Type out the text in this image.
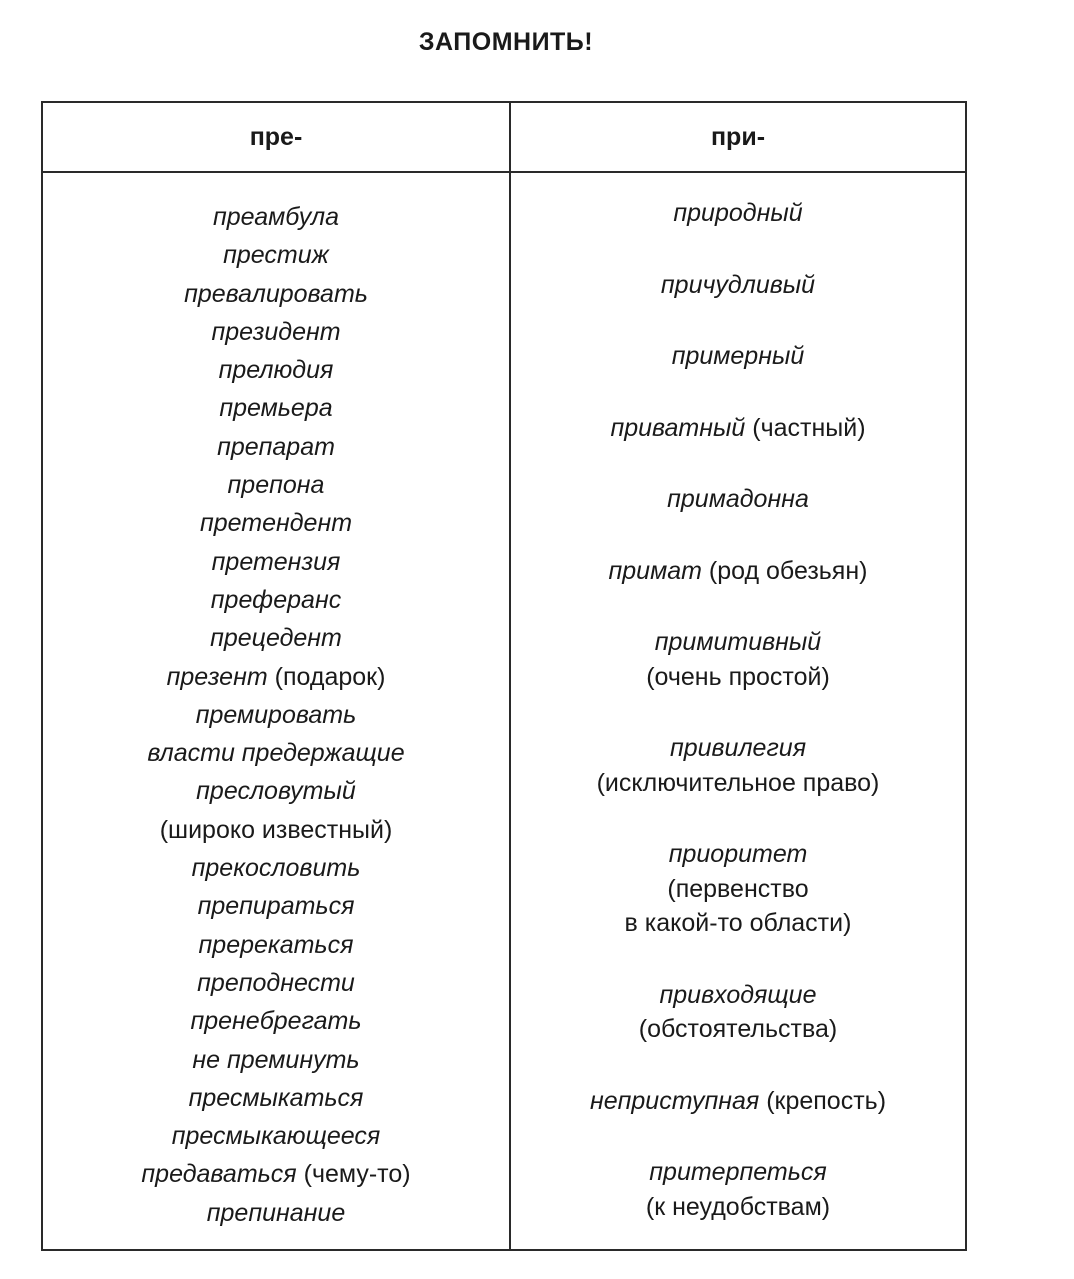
ЗАПОМНИТЬ!
пре-	при-
преамбула
престиж
превалировать
президент
прелюдия
премьера
препарат
препона
претендент
претензия
преферанс
прецедент
презент (подарок)
премировать
власти предержащие
пресловутый
(широко известный)
прекословить
препираться
пререкаться
преподнести
пренебрегать
не преминуть
пресмыкаться
пресмыкающееся
предаваться (чему-то)
препинание
природный
причудливый
примерный
приватный (частный)
примадонна
примат (род обезьян)
примитивный
(очень простой)
привилегия
(исключительное право)
приоритет
(первенство
в какой-то области)
привходящие
(обстоятельства)
неприступная (крепость)
притерпеться
(к неудобствам)
